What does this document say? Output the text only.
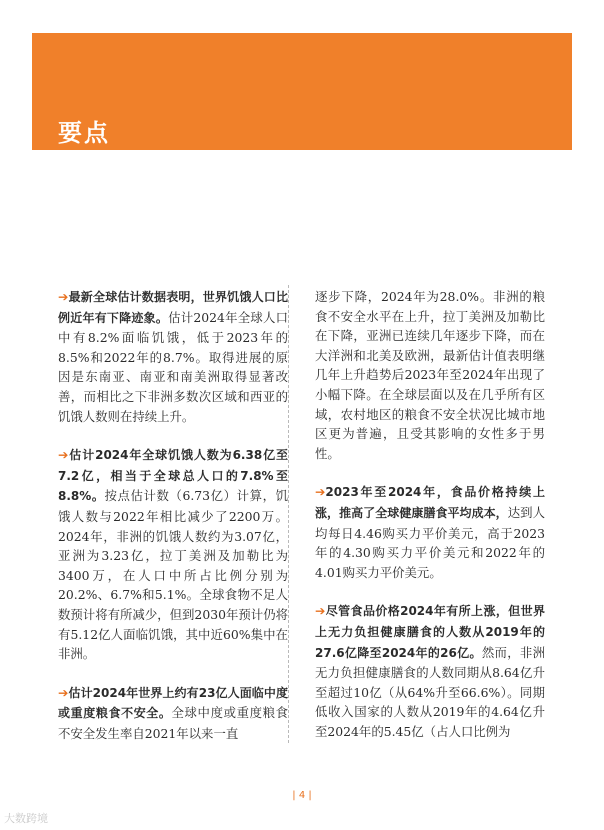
要点

➔最新全球估计数据表明，世界饥饿人口比例近年有下降迹象。估计2024年全球人口中有8.2%面临饥饿，低于2023年的8.5%和2022年的8.7%。取得进展的原因是东南亚、南亚和南美洲取得显著改善，而相比之下非洲多数次区域和西亚的饥饿人数则在持续上升。

➔估计2024年全球饥饿人数为6.38亿至7.2亿，相当于全球总人口的7.8%至8.8%。按点估计数（6.73亿）计算，饥饿人数与2022年相比减少了2200万。2024年，非洲的饥饿人数约为3.07亿，亚洲为3.23亿，拉丁美洲及加勒比为3400万，在人口中所占比例分别为20.2%、6.7%和5.1%。全球食物不足人数预计将有所减少，但到2030年预计仍将有5.12亿人面临饥饿，其中近60%集中在非洲。

➔估计2024年世界上约有23亿人面临中度或重度粮食不安全。全球中度或重度粮食不安全发生率自2021年以来一直

逐步下降，2024年为28.0%。非洲的粮食不安全水平在上升，拉丁美洲及加勒比在下降，亚洲已连续几年逐步下降，而在大洋洲和北美及欧洲，最新估计值表明继几年上升趋势后2023年至2024年出现了小幅下降。在全球层面以及在几乎所有区域，农村地区的粮食不安全状况比城市地区更为普遍，且受其影响的女性多于男性。

➔2023年至2024年，食品价格持续上涨，推高了全球健康膳食平均成本，达到人均每日4.46购买力平价美元，高于2023年的4.30购买力平价美元和2022年的4.01购买力平价美元。

➔尽管食品价格2024年有所上涨，但世界上无力负担健康膳食的人数从2019年的27.6亿降至2024年的26亿。然而，非洲无力负担健康膳食的人数同期从8.64亿升至超过10亿（从64%升至66.6%）。同期低收入国家的人数从2019年的4.64亿升至2024年的5.45亿（占人口比例为

| 4 |
大数跨境
